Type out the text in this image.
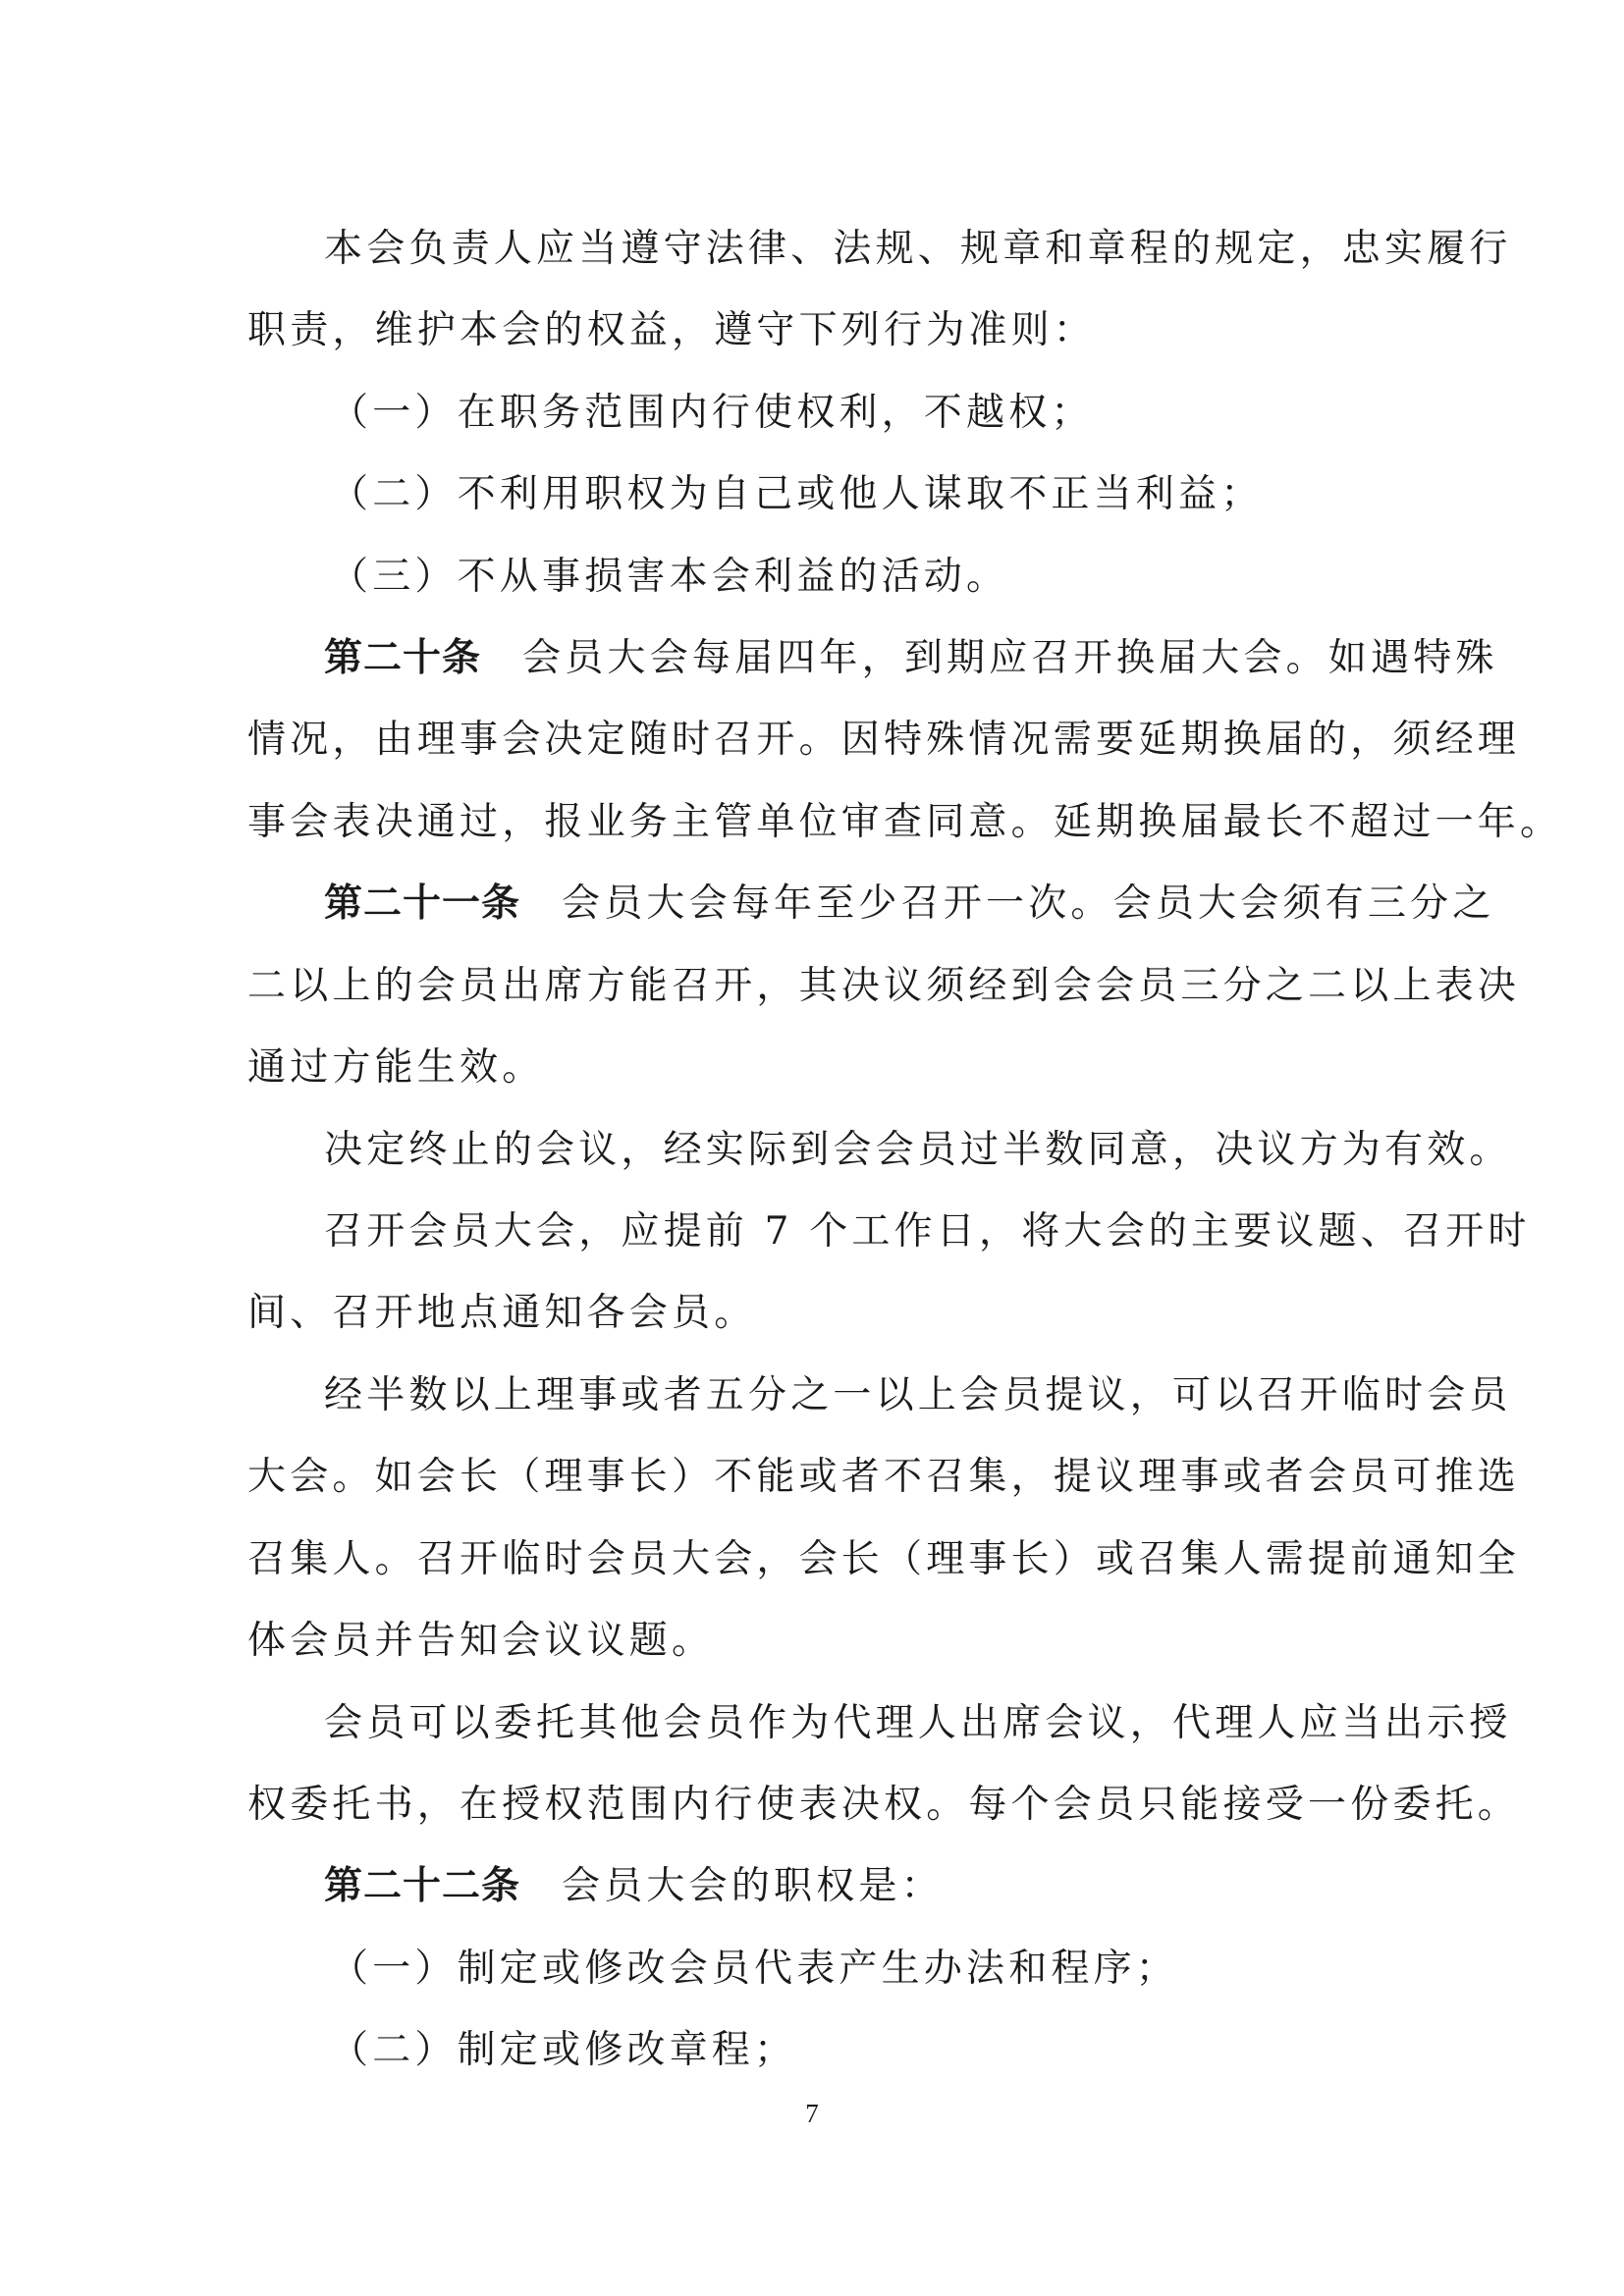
本会负责人应当遵守法律、法规、规章和章程的规定，忠实履行
职责，维护本会的权益，遵守下列行为准则：
（一）在职务范围内行使权利，不越权；
（二）不利用职权为自己或他人谋取不正当利益；
（三）不从事损害本会利益的活动。
第二十条 会员大会每届四年，到期应召开换届大会。如遇特殊
情况，由理事会决定随时召开。因特殊情况需要延期换届的，须经理
事会表决通过，报业务主管单位审查同意。延期换届最长不超过一年。
第二十一条 会员大会每年至少召开一次。会员大会须有三分之
二以上的会员出席方能召开，其决议须经到会会员三分之二以上表决
通过方能生效。
决定终止的会议，经实际到会会员过半数同意，决议方为有效。
召开会员大会，应提前 7 个工作日，将大会的主要议题、召开时
间、召开地点通知各会员。
经半数以上理事或者五分之一以上会员提议，可以召开临时会员
大会。如会长（理事长）不能或者不召集，提议理事或者会员可推选
召集人。召开临时会员大会，会长（理事长）或召集人需提前通知全
体会员并告知会议议题。
会员可以委托其他会员作为代理人出席会议，代理人应当出示授
权委托书，在授权范围内行使表决权。每个会员只能接受一份委托。
第二十二条 会员大会的职权是：
（一）制定或修改会员代表产生办法和程序；
（二）制定或修改章程；
7
